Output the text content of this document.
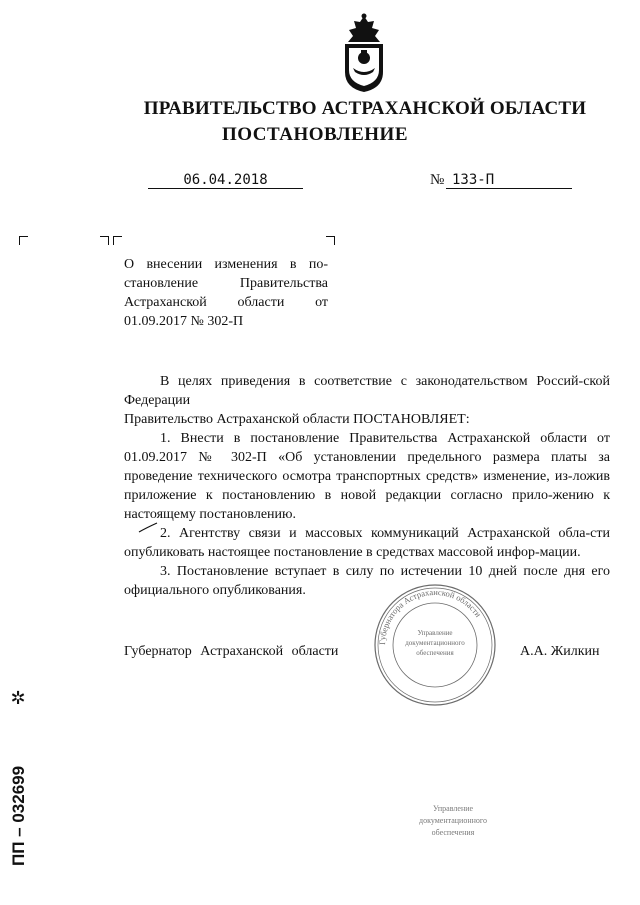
ПРАВИТЕЛЬСТВО АСТРАХАНСКОЙ ОБЛАСТИ
ПОСТАНОВЛЕНИЕ
06.04.2018	№ 133-П
О внесении изменения в по-
становление Правительства
Астраханской области от
01.09.2017 № 302-П

В целях приведения в соответствие с законодательством Россий-ской Федерации

Правительство Астраханской области ПОСТАНОВЛЯЕТ:

1. Внести в постановление Правительства Астраханской области от 01.09.2017 № 302-П «Об установлении предельного размера платы за проведение технического осмотра транспортных средств» изменение, из-ложив приложение к постановлению в новой редакции согласно прило-жению к настоящему постановлению.

2. Агентству связи и массовых коммуникаций Астраханской обла-сти опубликовать настоящее постановление в средствах массовой инфор-мации.

3. Постановление вступает в силу по истечении 10 дней после дня его официального опубликования.

Губернатор Астраханской области	А.А. Жилкин
Губернатора Астраханской области
Управление
документационного
обеспечения
Управление
документационного
обеспечения
✲
ПП – 032699
